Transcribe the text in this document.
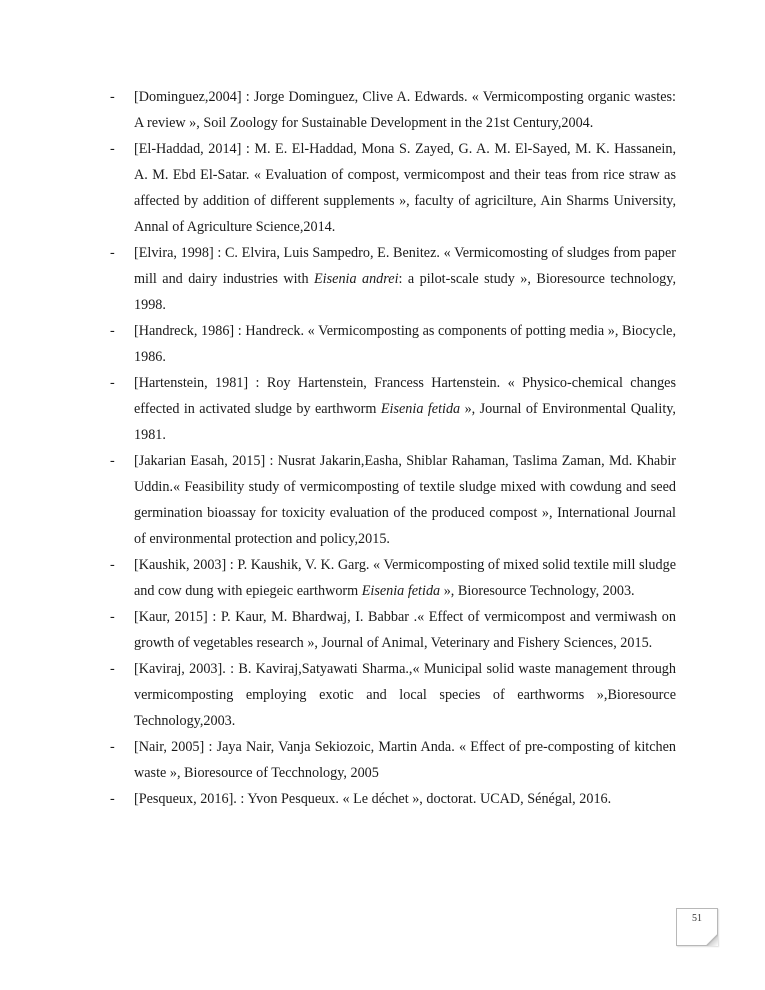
- [Dominguez,2004] : Jorge Dominguez, Clive A. Edwards. « Vermicomposting organic wastes: A review », Soil Zoology for Sustainable Development in the 21st Century,2004.
- [El-Haddad, 2014] : M. E. El-Haddad, Mona S. Zayed, G. A. M. El-Sayed, M. K. Hassanein, A. M. Ebd El-Satar. « Evaluation of compost, vermicompost and their teas from rice straw as affected by addition of different supplements », faculty of agricilture, Ain Sharms University, Annal of Agriculture Science,2014.
- [Elvira, 1998] : C. Elvira, Luis Sampedro, E. Benitez. « Vermicomosting of sludges from paper mill and dairy industries with Eisenia andrei: a pilot-scale study », Bioresource technology, 1998.
- [Handreck, 1986] : Handreck. « Vermicomposting as components of potting media », Biocycle, 1986.
- [Hartenstein, 1981] : Roy Hartenstein, Francess Hartenstein. « Physico-chemical changes effected in activated sludge by earthworm Eisenia fetida », Journal of Environmental Quality, 1981.
- [Jakarian Easah, 2015] : Nusrat Jakarin,Easha, Shiblar Rahaman, Taslima Zaman, Md. Khabir Uddin.« Feasibility study of vermicomposting of textile sludge mixed with cowdung and seed germination bioassay for toxicity evaluation of the produced compost », International Journal of environmental protection and policy,2015.
- [Kaushik, 2003] : P. Kaushik, V. K. Garg. « Vermicomposting of mixed solid textile mill sludge and cow dung with epiegeic earthworm Eisenia fetida », Bioresource Technology, 2003.
- [Kaur, 2015] : P. Kaur, M. Bhardwaj, I. Babbar .« Effect of vermicompost and vermiwash on growth of vegetables research », Journal of Animal, Veterinary and Fishery Sciences, 2015.
- [Kaviraj, 2003]. : B. Kaviraj,Satyawati Sharma.,« Municipal solid waste management through vermicomposting employing exotic and local species of earthworms »,Bioresource Technology,2003.
- [Nair, 2005] : Jaya Nair, Vanja Sekiozoic, Martin Anda. « Effect of pre-composting of kitchen waste », Bioresource of Tecchnology, 2005
- [Pesqueux, 2016]. : Yvon Pesqueux. « Le déchet », doctorat. UCAD, Sénégal, 2016.
51
